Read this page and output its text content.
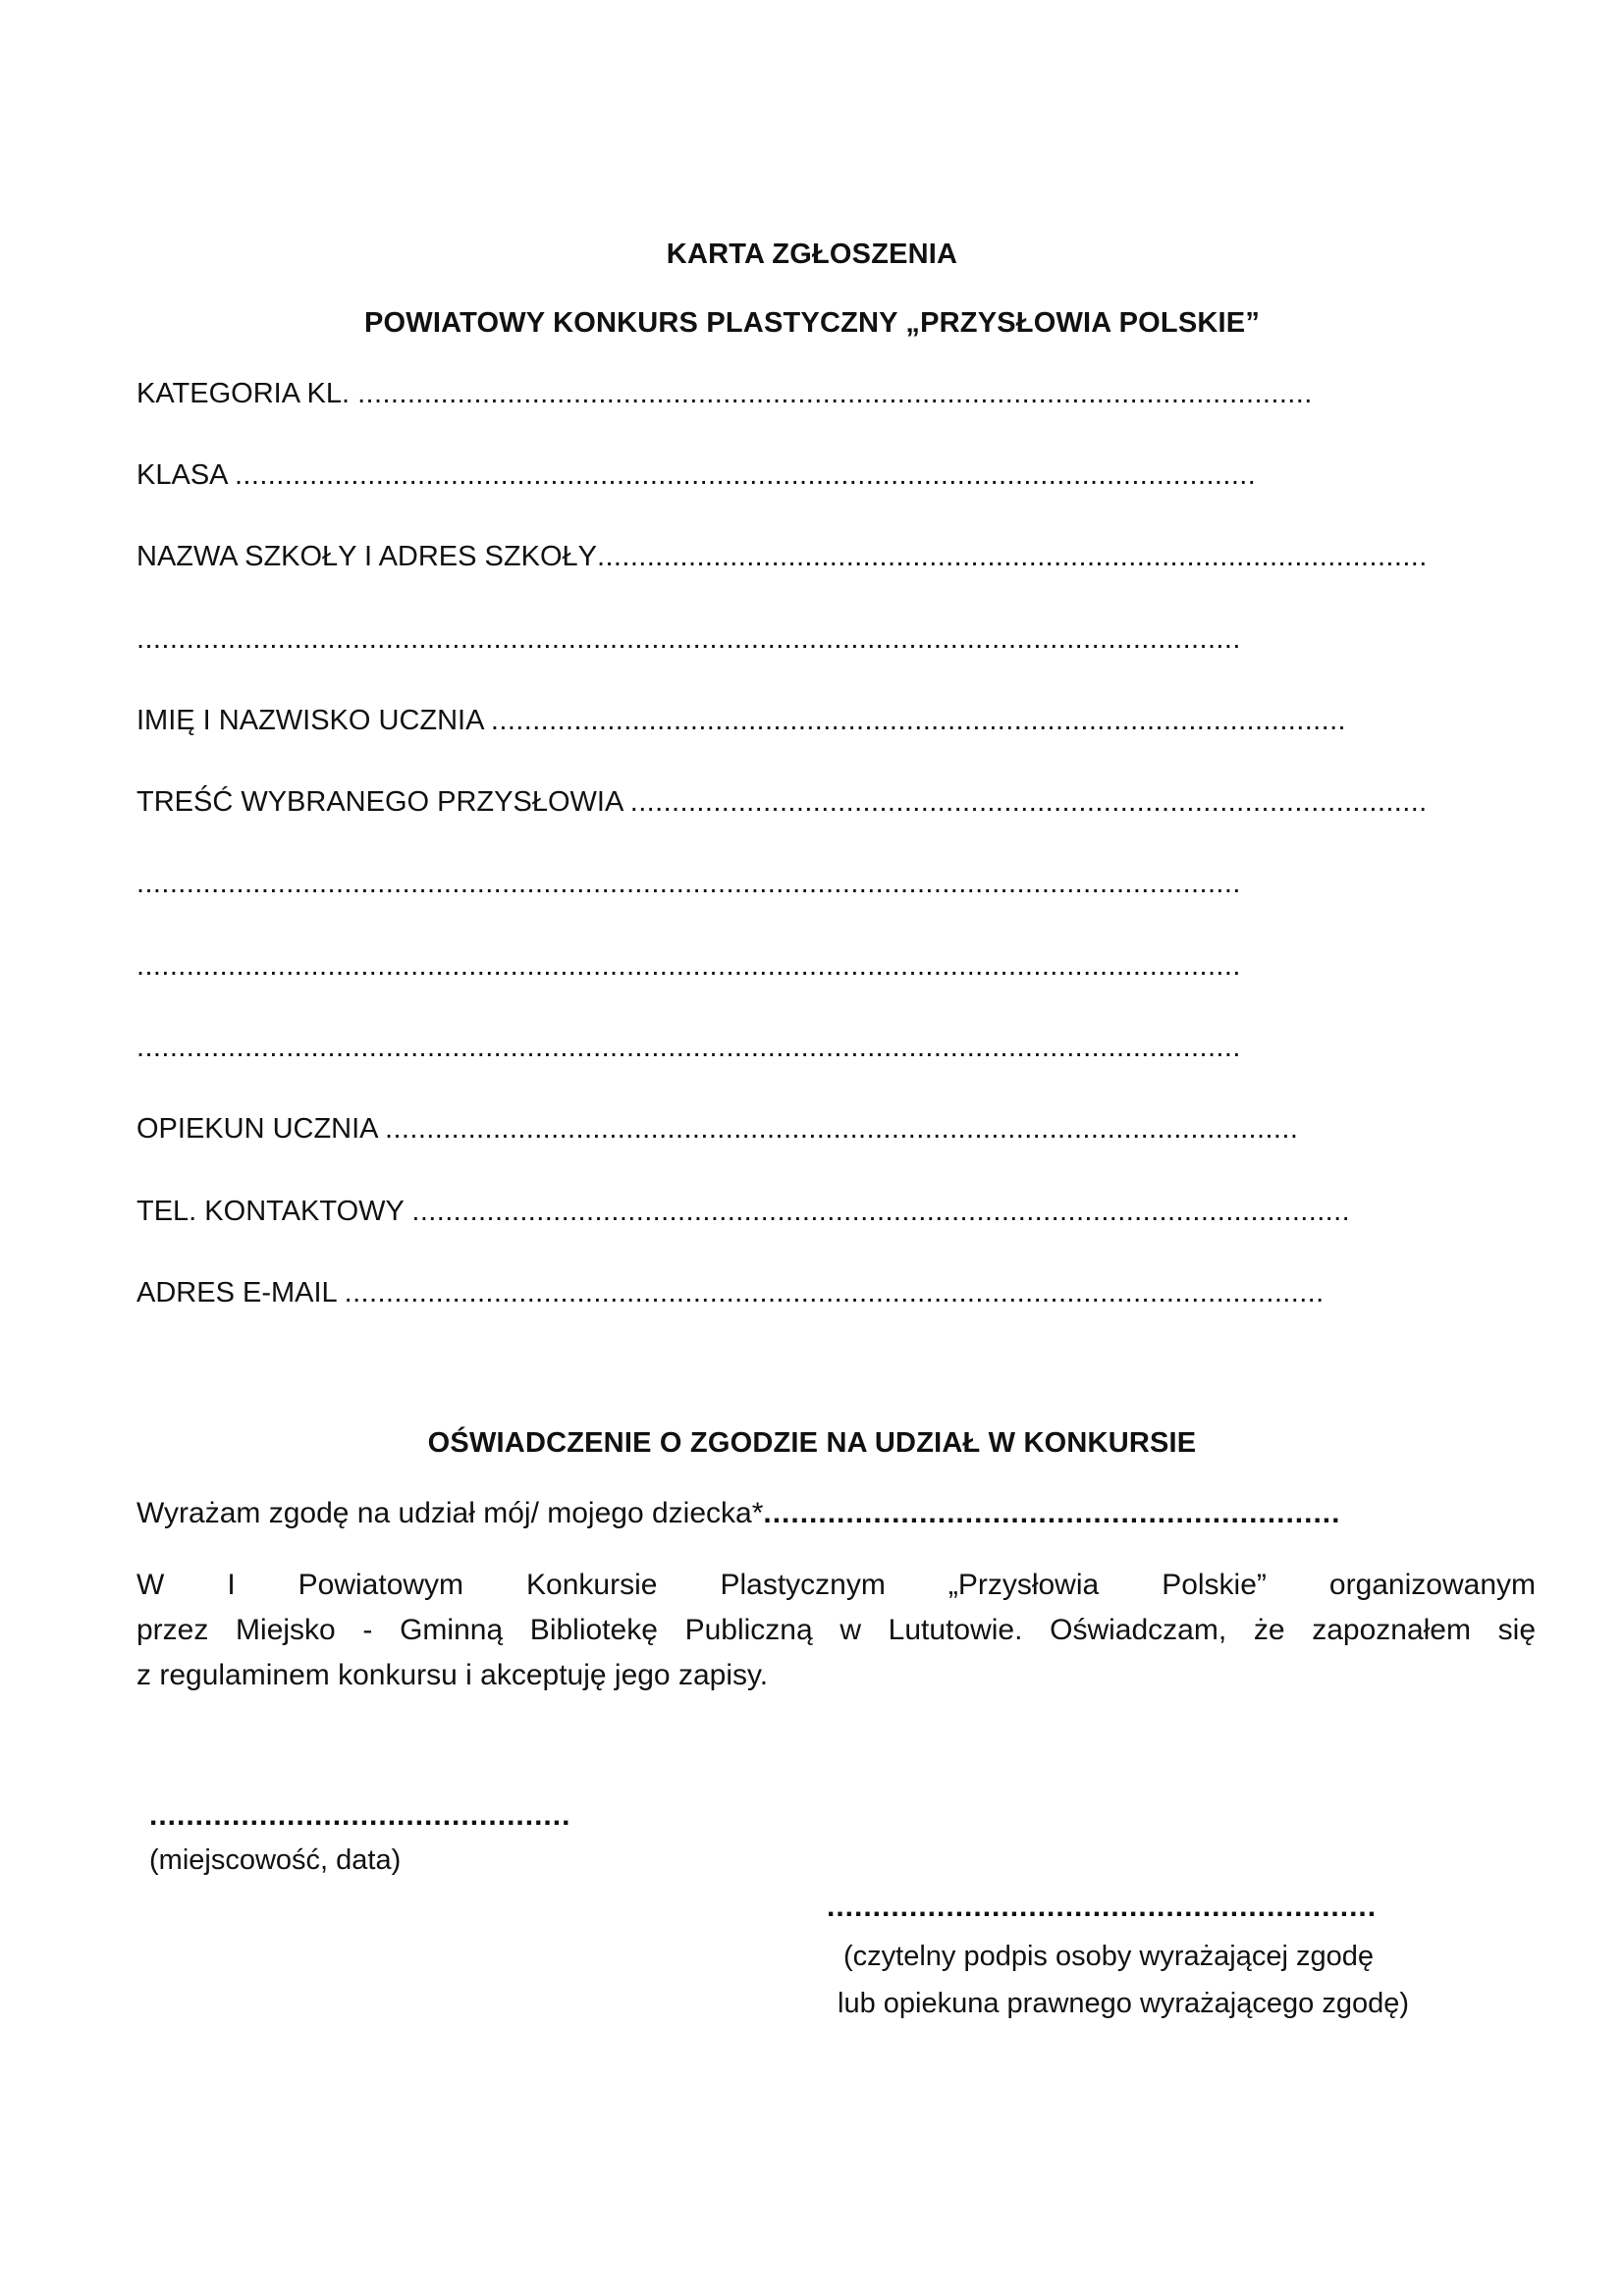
KARTA ZGŁOSZENIA
POWIATOWY KONKURS PLASTYCZNY „PRZYSŁOWIA POLSKIE”
KATEGORIA KL. ...................................................................................................................
KLASA ...........................................................................................................................
NAZWA SZKOŁY I ADRES SZKOŁY....................................................................................................
.....................................................................................................................................
IMIĘ I NAZWISKO UCZNIA .......................................................................................................
TREŚĆ WYBRANEGO PRZYSŁOWIA ................................................................................................
.....................................................................................................................................
.....................................................................................................................................
.....................................................................................................................................
OPIEKUN UCZNIA ..............................................................................................................
TEL. KONTAKTOWY .................................................................................................................
ADRES E-MAIL ......................................................................................................................
OŚWIADCZENIE O ZGODZIE NA UDZIAŁ W KONKURSIE
Wyrażam zgodę na udział mój/ mojego dziecka*...............................................................
W I Powiatowym Konkursie Plastycznym „Przysłowia Polskie” organizowanym
przez Miejsko - Gminną Bibliotekę Publiczną w Lututowie. Oświadczam, że zapoznałem się
z regulaminem konkursu i akceptuję jego zapisy.
..............................................
(miejscowość, data)
............................................................
(czytelny podpis osoby wyrażającej zgodę
lub opiekuna prawnego wyrażającego zgodę)
